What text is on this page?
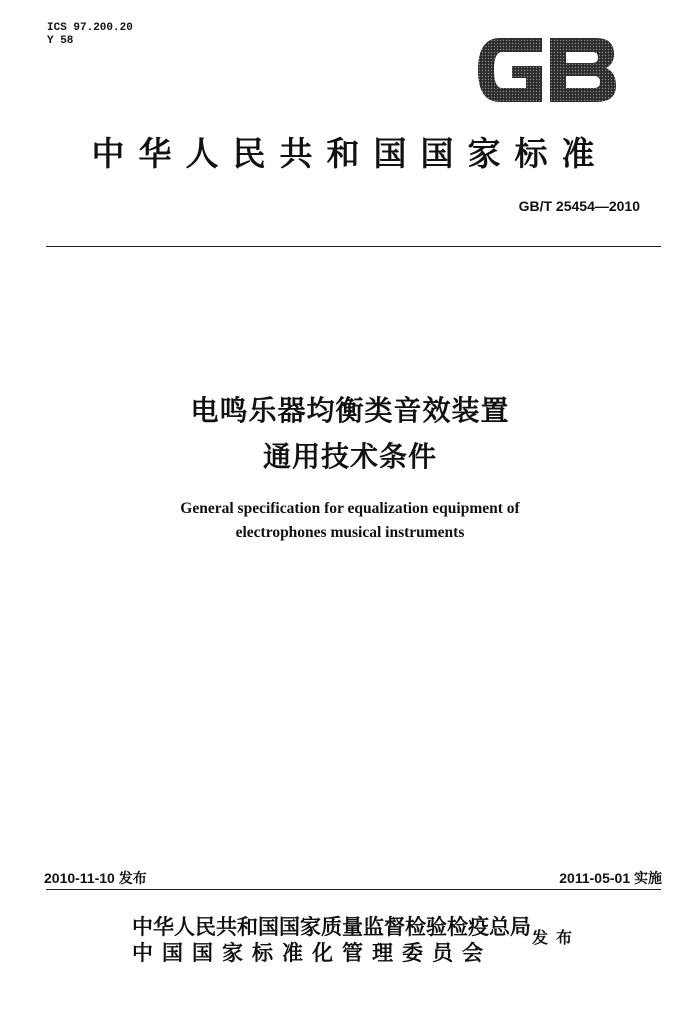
ICS 97.200.20
Y 58
中华人民共和国国家标准
GB/T 25454—2010
电鸣乐器均衡类音效装置
通用技术条件
General specification for equalization equipment of
electrophones musical instruments
2010-11-10 发布	2011-05-01 实施
中华人民共和国国家质量监督检验检疫总局
中国国家标准化管理委员会
发布
